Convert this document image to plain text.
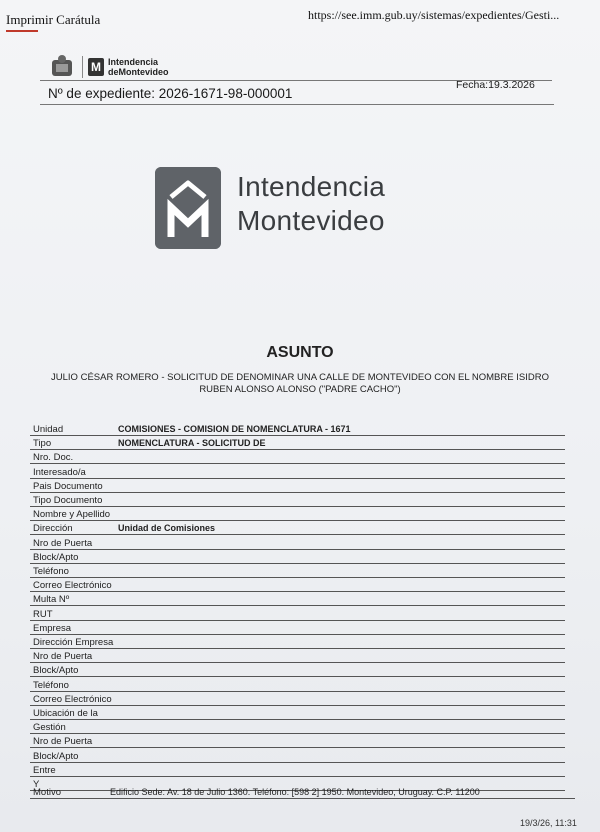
Imprimir Carátula	https://see.imm.gub.uy/sistemas/expedientes/Gesti...
M Intendencia
deMontevideo
Fecha:19.3.2026
Nº de expediente: 2026-1671-98-000001
Intendencia
Montevideo
ASUNTO
JULIO CÉSAR ROMERO - SOLICITUD DE DENOMINAR UNA CALLE DE MONTEVIDEO CON EL NOMBRE ISIDRO
RUBEN ALONSO ALONSO ("PADRE CACHO")
Unidad	COMISIONES - COMISION DE NOMENCLATURA - 1671
Tipo	NOMENCLATURA - SOLICITUD DE
Nro. Doc.
Interesado/a
Pais Documento
Tipo Documento
Nombre y Apellido
Dirección	Unidad de Comisiones
Nro de Puerta
Block/Apto
Teléfono
Correo Electrónico
Multa Nº
RUT
Empresa
Dirección Empresa
Nro de Puerta
Block/Apto
Teléfono
Correo Electrónico
Ubicación de la
Gestión
Nro de Puerta
Block/Apto
Entre
Y
Motivo	Edificio Sede: Av. 18 de Julio 1360. Teléfono: [598 2] 1950. Montevideo, Uruguay. C.P. 11200
19/3/26, 11:31
